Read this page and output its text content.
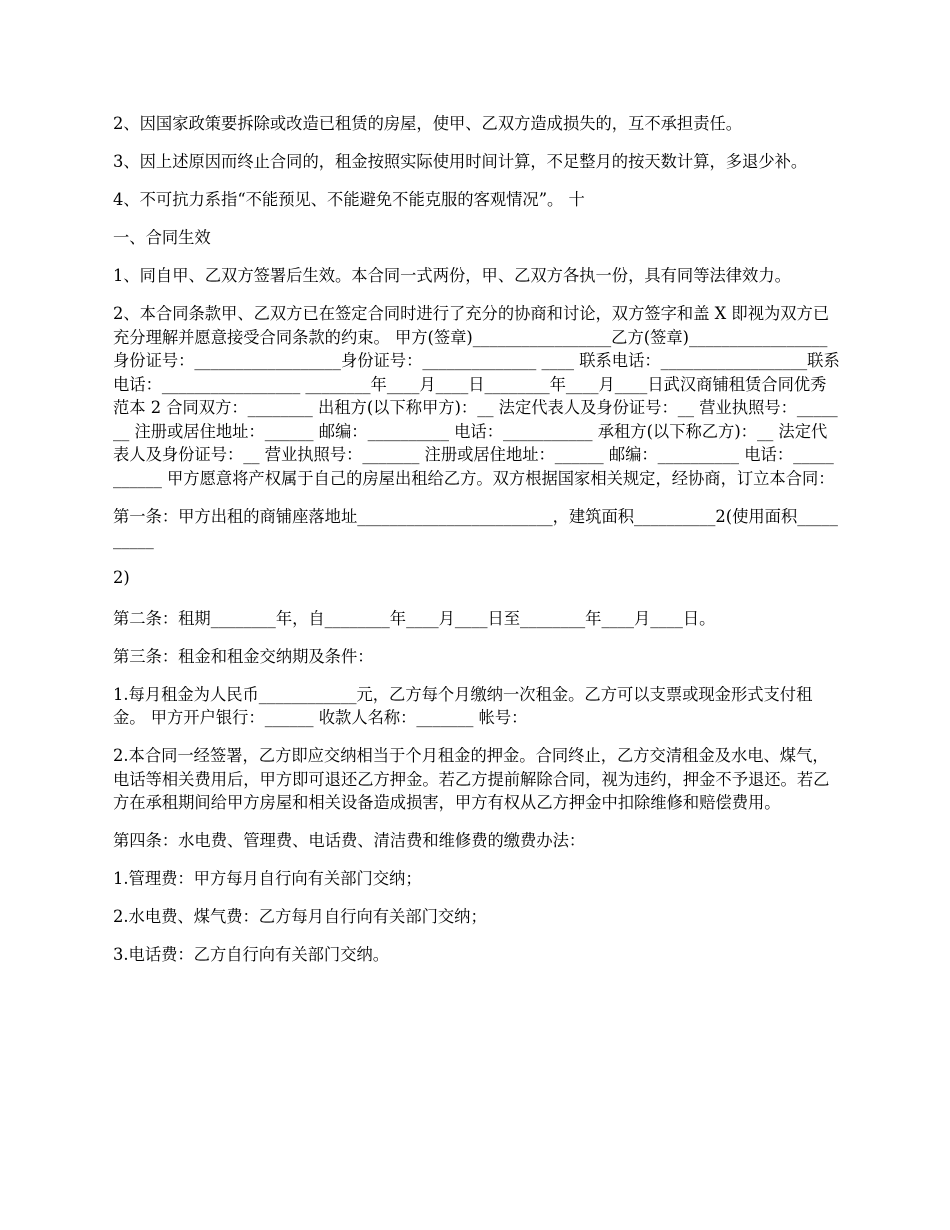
2、因国家政策要拆除或改造已租赁的房屋，使甲、乙双方造成损失的，互不承担责任。

3、因上述原因而终止合同的，租金按照实际使用时间计算，不足整月的按天数计算，多退少补。

4、不可抗力系指“不能预见、不能避免不能克服的客观情况”。 十

一、合同生效

1、同自甲、乙双方签署后生效。本合同一式两份，甲、乙双方各执一份，具有同等法律效力。

2、本合同条款甲、乙双方已在签定合同时进行了充分的协商和讨论，双方签字和盖 X 即视为双方已充分理解并愿意接受合同条款的约束。 甲方(签章)_________________乙方(签章)_________________ 身份证号：__________________身份证号：______________ ____ 联系电话：__________________联系电话：_________________ ________年____月____日________年____月____日武汉商铺租赁合同优秀范本 2 合同双方：________ 出租方(以下称甲方)：__ 法定代表人及身份证号：__ 营业执照号：_______ 注册或居住地址：______ 邮编：__________ 电话：___________ 承租方(以下称乙方)：__ 法定代表人及身份证号：__ 营业执照号：_______ 注册或居住地址：______ 邮编：__________ 电话：___________ 甲方愿意将产权属于自己的房屋出租给乙方。双方根据国家相关规定，经协商，订立本合同：

第一条：甲方出租的商铺座落地址________________________，建筑面积__________2(使用面积__________

2)

第二条：租期________年，自________年____月____日至________年____月____日。

第三条：租金和租金交纳期及条件：

1.每月租金为人民币____________元，乙方每个月缴纳一次租金。乙方可以支票或现金形式支付租金。 甲方开户银行：______ 收款人名称：_______ 帐号：

2.本合同一经签署，乙方即应交纳相当于个月租金的押金。合同终止，乙方交清租金及水电、煤气，电话等相关费用后，甲方即可退还乙方押金。若乙方提前解除合同，视为违约，押金不予退还。若乙方在承租期间给甲方房屋和相关设备造成损害，甲方有权从乙方押金中扣除维修和赔偿费用。

第四条：水电费、管理费、电话费、清洁费和维修费的缴费办法：

1.管理费：甲方每月自行向有关部门交纳；

2.水电费、煤气费：乙方每月自行向有关部门交纳；

3.电话费：乙方自行向有关部门交纳。
